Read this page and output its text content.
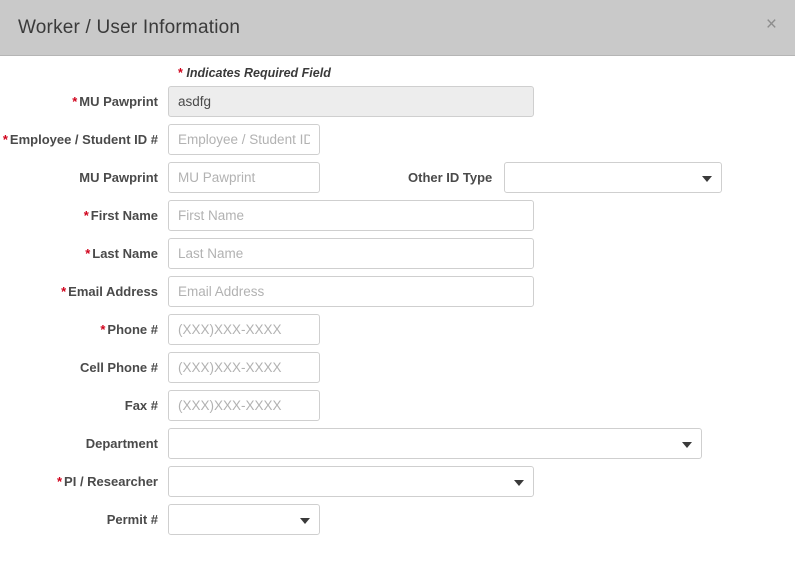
Worker / User Information	×
* Indicates Required Field
* MU Pawprint
asdfg
* Employee / Student ID #
Employee / Student ID #
MU Pawprint
MU Pawprint	Other ID Type
* First Name
First Name
* Last Name
Last Name
* Email Address
Email Address
* Phone #
(XXX)XXX-XXXX
Cell Phone #
(XXX)XXX-XXXX
Fax #
(XXX)XXX-XXXX
Department
* PI / Researcher
Permit #
